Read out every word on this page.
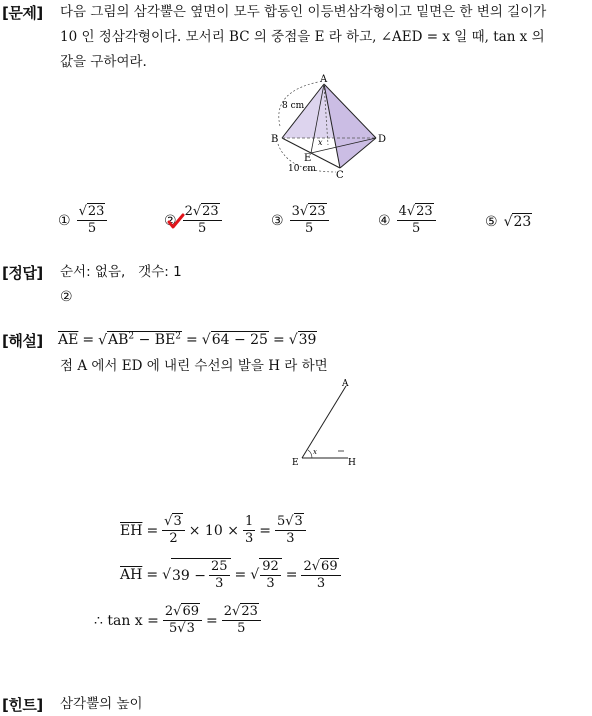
[문제] 다음 그림의 삼각뿔은 옆면이 모두 합동인 이등변삼각형이고 밑면은 한 변의 길이가
10 인 정삼각형이다. 모서리 BC 의 중점을 E 라 하고, ∠AED = x 일 때, tan x 의
값을 구하여라.
A
B
C
D
E
x
8 cm
10 cm
① $\frac{√23}{5}$	② $\frac{2√23}{5}$	③ $\frac{3√23}{5}$	④ $\frac{4√23}{5}$	⑤ √23
[정답] 순서: 없음,   갯수: 1
②
[해설] $\overline{AE} = √AB^2 - \overline{BE}^2 = √64 - 25 = √39$
점 A 에서 ED 에 내린 수선의 발을 H 라 하면
A
E	H
x
$\overline{EH} = \frac{√3}{2} \times 10 \times \frac{1}{3} = \frac{5√3}{3}$
$\overline{AH}$ = √ $39 - \frac{25}{3}$ = √ $\frac{92}{3} = \frac{2√69}{3}$
∴ $\tan x = \frac{2√69}{5√3} = \frac{2√23}{5}$
[힌트] 삼각뿔의 높이
